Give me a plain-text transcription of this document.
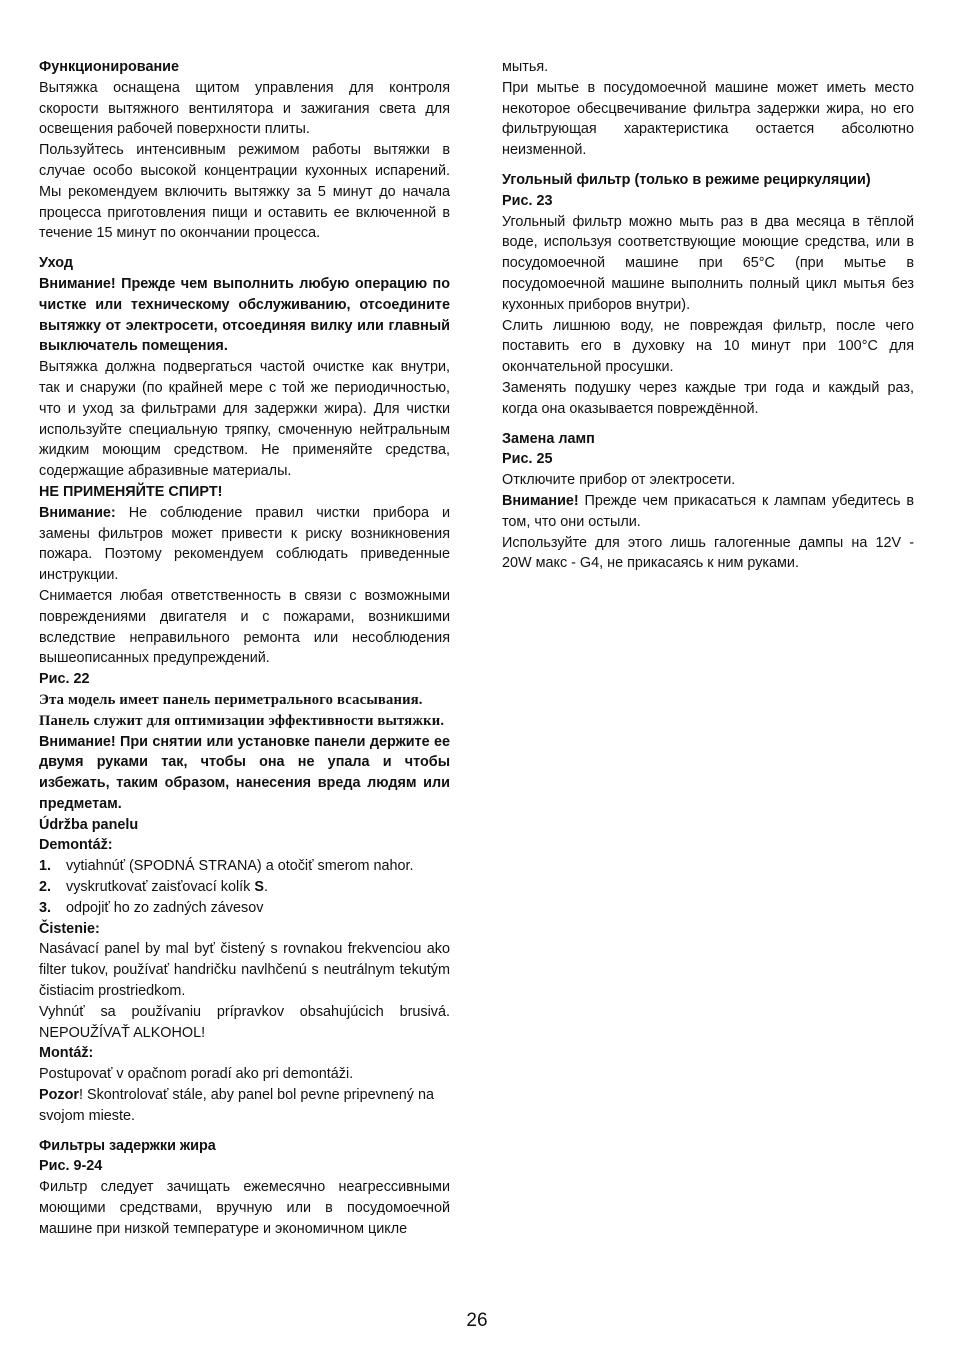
Функционирование

Вытяжка оснащена щитом управления для контроля скорости вытяжного вентилятора и зажигания света для освещения рабочей поверхности плиты.

Пользуйтесь интенсивным режимом работы вытяжки в случае особо высокой концентрации кухонных испарений. Мы рекомендуем включить вытяжку за 5 минут до начала процесса приготовления пищи и оставить ее включенной в течение 15 минут по окончании процесса.

Уход

Внимание! Прежде чем выполнить любую операцию по чистке или техническому обслуживанию, отсоедините вытяжку от электросети, отсоединяя вилку или главный выключатель помещения.

Вытяжка должна подвергаться частой очистке как внутри, так и снаружи (по крайней мере с той же периодичностью, что и уход за фильтрами для задержки жира). Для чистки используйте специальную тряпку, смоченную нейтральным жидким моющим средством. Не применяйте средства, содержащие абразивные материалы.

НЕ ПРИМЕНЯЙТЕ СПИРТ!

Внимание: Не соблюдение правил чистки прибора и замены фильтров может привести к риску возникновения пожара. Поэтому рекомендуем соблюдать приведенные инструкции.

Снимается любая ответственность в связи с возможными повреждениями двигателя и с пожарами, возникшими вследствие неправильного ремонта или несоблюдения вышеописанных предупреждений.

Рис. 22

Эта модель имеет панель периметрального всасывания.

Панель служит для оптимизации эффективности вытяжки.

Внимание! При снятии или установке панели держите ее двумя руками так, чтобы она не упала и чтобы избежать, таким образом, нанесения вреда людям или предметам.

Údržba panelu

Demontáž:

1.	vytiahnúť (SPODNÁ STRANA) a otočiť smerom nahor.
2.	vyskrutkovať zaisťovací kolík S.
3.	odpojiť ho zo zadných závesov

Čistenie:

Nasávací panel by mal byť čistený s rovnakou frekvenciou ako filter tukov, používať handričku navlhčenú s neutrálnym tekutým čistiacim prostriedkom.

Vyhnúť sa používaniu prípravkov obsahujúcich brusivá. NEPOUŽÍVAŤ ALKOHOL!

Montáž:

Postupovať v opačnom poradí ako pri demontáži.

Pozor! Skontrolovať stále, aby panel bol pevne pripevnený na svojom mieste.

Фильтры задержки жира

Рис. 9-24

Фильтр следует зачищать ежемесячно неагрессивными моющими средствами, вручную или в посудомоечной машине при низкой температуре и экономичном цикле

мытья.

При мытье в посудомоечной машине может иметь место некоторое обесцвечивание фильтра задержки жира, но его фильтрующая характеристика остается абсолютно неизменной.

Угольный фильтр (только в режиме рециркуляции)

Рис. 23

Угольный фильтр можно мыть раз в два месяца в тёплой воде, используя соответствующие моющие средства, или в посудомоечной машине при 65°C (при мытье в посудомоечной машине выполнить полный цикл мытья без кухонных приборов внутри).

Слить лишнюю воду, не повреждая фильтр, после чего поставить его в духовку на 10 минут при 100°C для окончательной просушки.

Заменять подушку через каждые три года и каждый раз, когда она оказывается повреждённой.

Замена ламп

Рис. 25

Отключите прибор от электросети.

Внимание! Прежде чем прикасаться к лампам убедитесь в том, что они остыли.

Используйте для этого лишь галогенные дампы на 12V - 20W макс - G4, не прикасаясь к ним руками.

26
